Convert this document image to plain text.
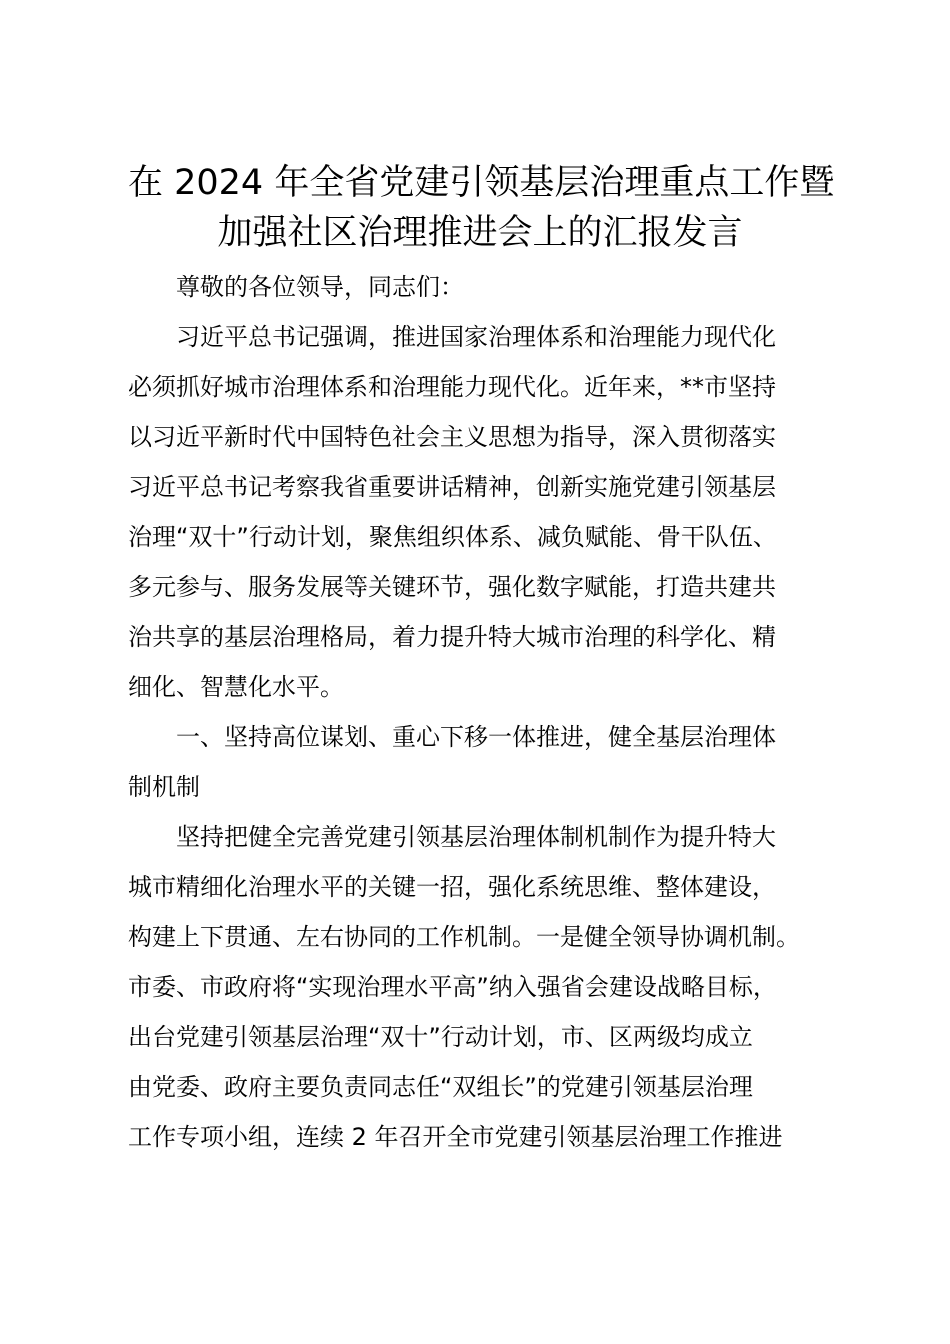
在 2024 年全省党建引领基层治理重点工作暨
加强社区治理推进会上的汇报发言

尊敬的各位领导，同志们：

习近平总书记强调，推进国家治理体系和治理能力现代化
必须抓好城市治理体系和治理能力现代化。近年来，**市坚持
以习近平新时代中国特色社会主义思想为指导，深入贯彻落实
习近平总书记考察我省重要讲话精神，创新实施党建引领基层
治理“双十”行动计划，聚焦组织体系、减负赋能、骨干队伍、
多元参与、服务发展等关键环节，强化数字赋能，打造共建共
治共享的基层治理格局，着力提升特大城市治理的科学化、精
细化、智慧化水平。

一、坚持高位谋划、重心下移一体推进，健全基层治理体
制机制

坚持把健全完善党建引领基层治理体制机制作为提升特大
城市精细化治理水平的关键一招，强化系统思维、整体建设，
构建上下贯通、左右协同的工作机制。一是健全领导协调机制。
市委、市政府将“实现治理水平高”纳入强省会建设战略目标，
出台党建引领基层治理“双十”行动计划，市、区两级均成立
由党委、政府主要负责同志任“双组长”的党建引领基层治理
工作专项小组，连续 2 年召开全市党建引领基层治理工作推进
